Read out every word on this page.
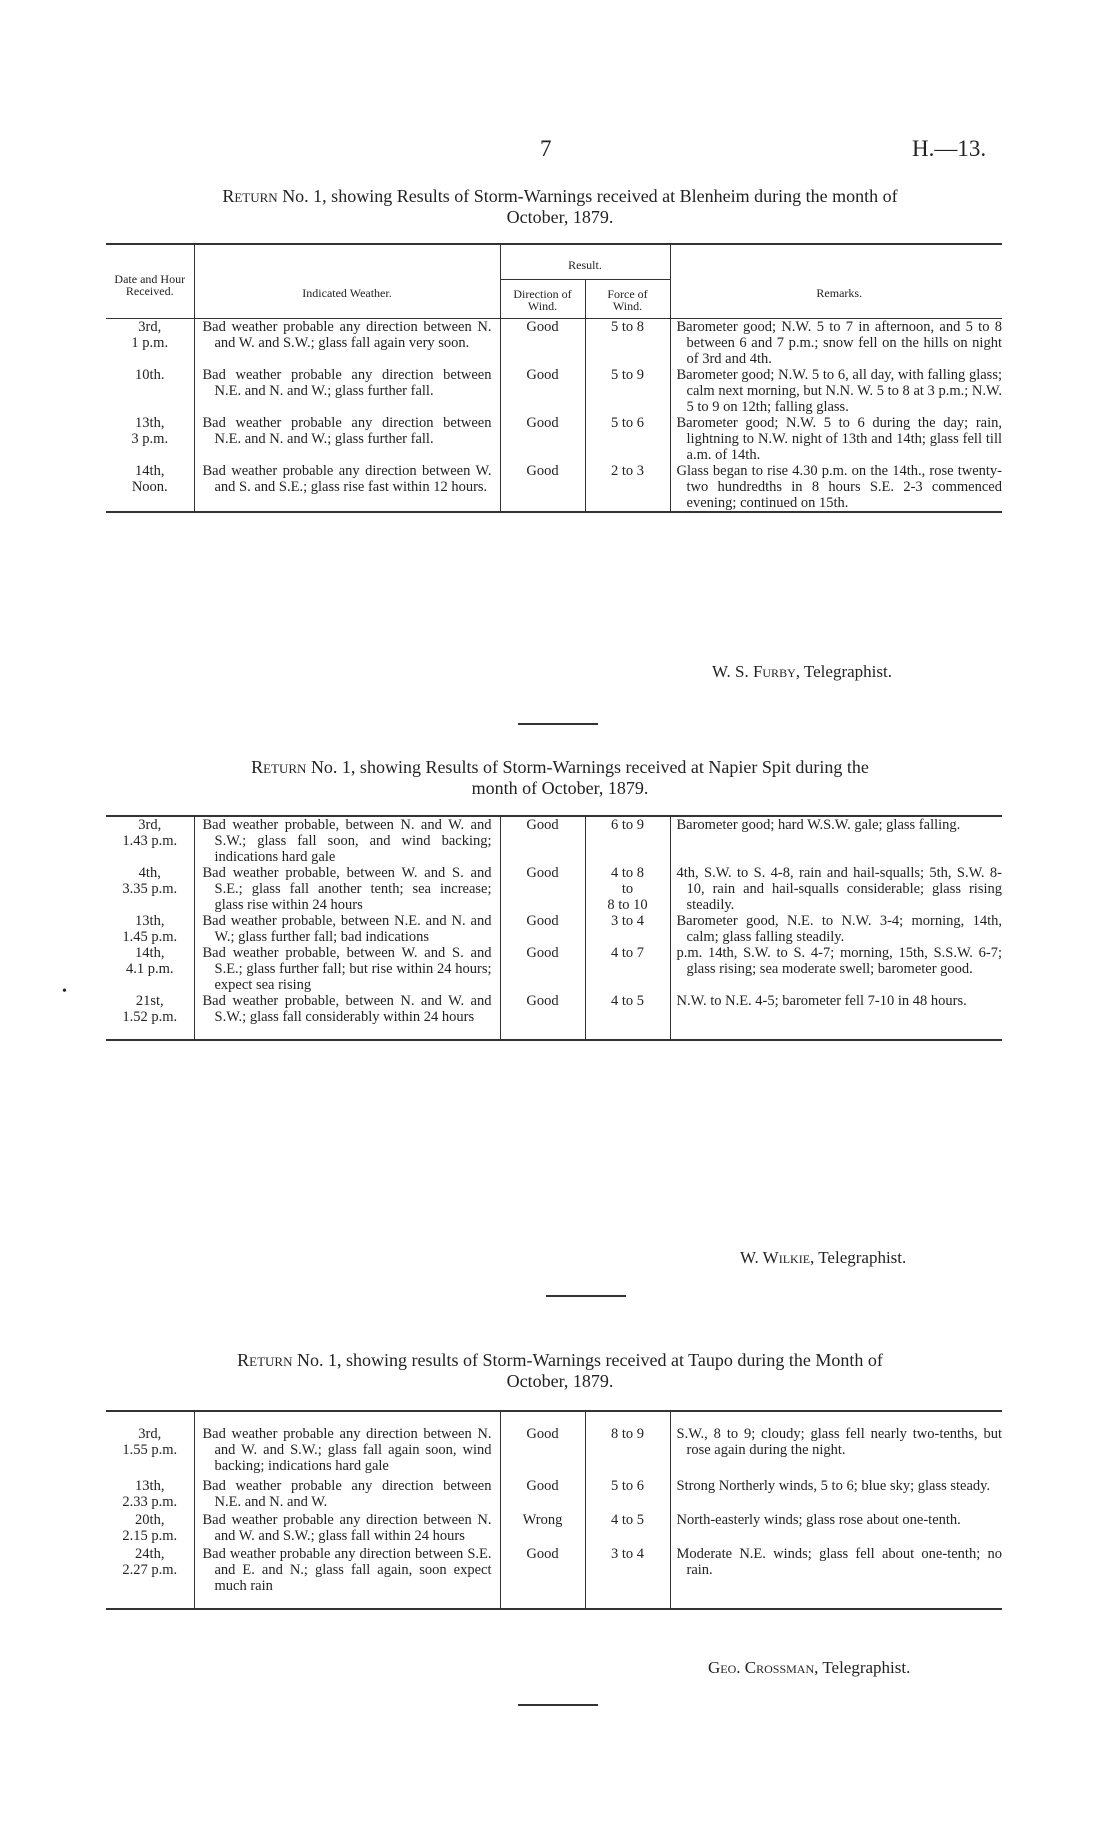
7	H.—13.
Return No. 1, showing Results of Storm-Warnings received at Blenheim during the month of
October, 1879.
Date and Hour Received.	Indicated Weather.	Result.		Remarks.
		Direction of Wind.	Force of Wind.	
3rd,
1 p.m.	Bad weather probable any direction between N. and W. and S.W.; glass fall again very soon.	Good	5 to 8	Barometer good; N.W. 5 to 7 in afternoon, and 5 to 8 between 6 and 7 p.m.; snow fell on the hills on night of 3rd and 4th.
10th.	Bad weather probable any direction between N.E. and N. and W.; glass further fall.	Good	5 to 9	Barometer good; N.W. 5 to 6, all day, with falling glass; calm next morning, but N.N. W. 5 to 8 at 3 p.m.; N.W. 5 to 9 on 12th; falling glass.
13th,
3 p.m.	Bad weather probable any direction between N.E. and N. and W.; glass further fall.	Good	5 to 6	Barometer good; N.W. 5 to 6 during the day; rain, lightning to N.W. night of 13th and 14th; glass fell till a.m. of 14th.
14th,
Noon.	Bad weather probable any direction between W. and S. and S.E.; glass rise fast within 12 hours.	Good	2 to 3	Glass began to rise 4.30 p.m. on the 14th., rose twenty-two hundredths in 8 hours S.E. 2-3 commenced evening; continued on 15th.
W. S. Furby, Telegraphist.
Return No. 1, showing Results of Storm-Warnings received at Napier Spit during the
month of October, 1879.
3rd,
1.43 p.m.	Bad weather probable, between N. and W. and S.W.; glass fall soon, and wind backing; indications hard gale	Good	6 to 9	Barometer good; hard W.S.W. gale; glass falling.
4th,
3.35 p.m.	Bad weather probable, between W. and S. and S.E.; glass fall another tenth; sea increase; glass rise within 24 hours	Good	4 to 8
to
8 to 10	4th, S.W. to S. 4-8, rain and hail-squalls; 5th, S.W. 8-10, rain and hail-squalls considerable; glass rising steadily.
13th,
1.45 p.m.	Bad weather probable, between N.E. and N. and W.; glass further fall; bad indications	Good	3 to 4	Barometer good, N.E. to N.W. 3-4; morning, 14th, calm; glass falling steadily.
14th,
4.1 p.m.	Bad weather probable, between W. and S. and S.E.; glass further fall; but rise within 24 hours; expect sea rising	Good	4 to 7	p.m. 14th, S.W. to S. 4-7; morning, 15th, S.S.W. 6-7; glass rising; sea moderate swell; barometer good.
21st,
1.52 p.m.	Bad weather probable, between N. and W. and S.W.; glass fall considerably within 24 hours	Good	4 to 5	N.W. to N.E. 4-5; barometer fell 7-10 in 48 hours.
•
W. Wilkie, Telegraphist.
Return No. 1, showing results of Storm-Warnings received at Taupo during the Month of
October, 1879.
3rd,
1.55 p.m.	Bad weather probable any direction between N. and W. and S.W.; glass fall again soon, wind backing; indications hard gale	Good	8 to 9	S.W., 8 to 9; cloudy; glass fell nearly two-tenths, but rose again during the night.
13th,
2.33 p.m.	Bad weather probable any direction between N.E. and N. and W.	Good	5 to 6	Strong Northerly winds, 5 to 6; blue sky; glass steady.
20th,
2.15 p.m.	Bad weather probable any direction between N. and W. and S.W.; glass fall within 24 hours	Wrong	4 to 5	North-easterly winds; glass rose about one-tenth.
24th,
2.27 p.m.	Bad weather probable any direction between S.E. and E. and N.; glass fall again, soon expect much rain	Good	3 to 4	Moderate N.E. winds; glass fell about one-tenth; no rain.
Geo. Crossman, Telegraphist.
